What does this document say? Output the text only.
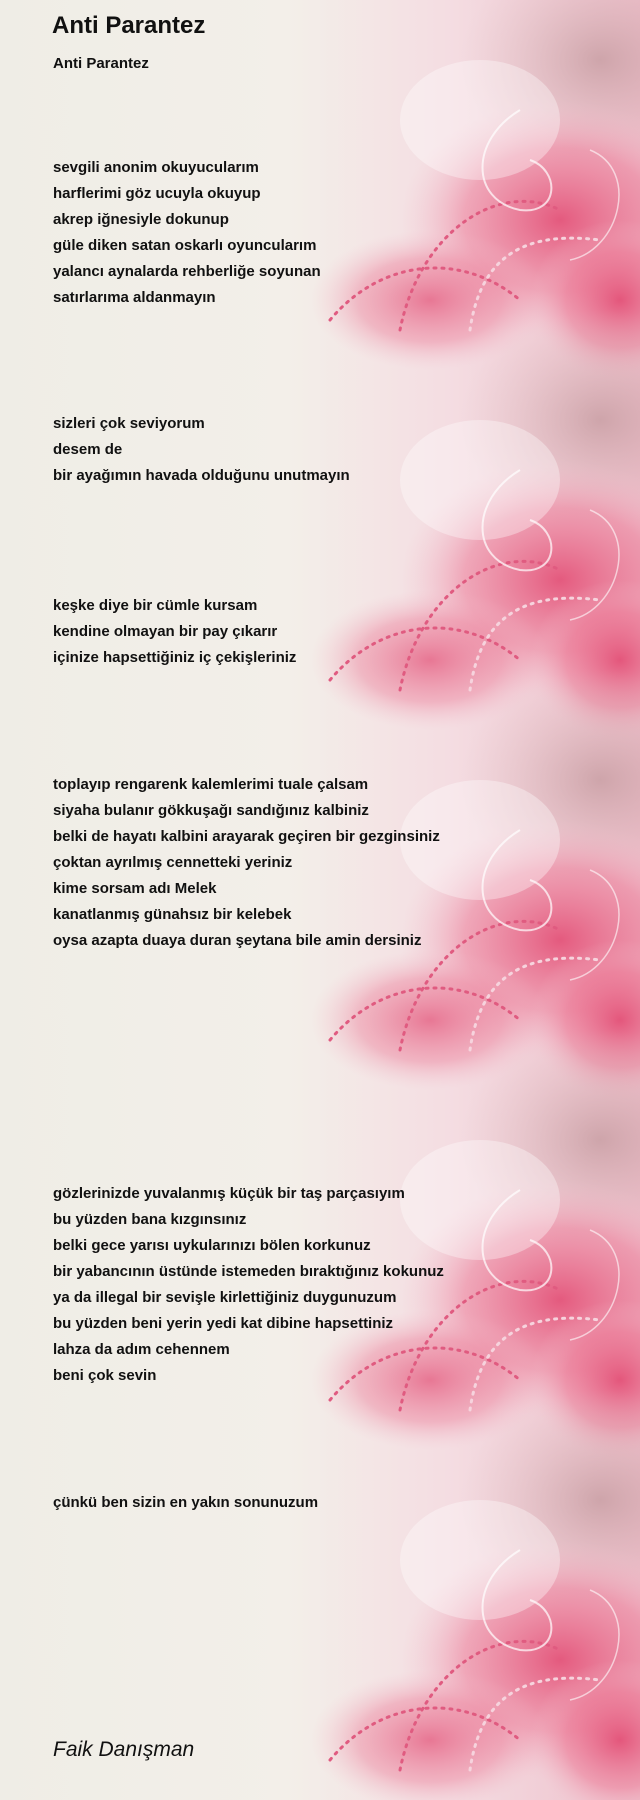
Anti Parantez
Anti Parantez
sevgili anonim okuyucularım
harflerimi göz ucuyla okuyup
akrep iğnesiyle dokunup
güle diken satan oskarlı oyuncularım
yalancı aynalarda rehberliğe soyunan
satırlarıma aldanmayın
sizleri çok seviyorum
desem de
bir ayağımın havada olduğunu unutmayın
keşke diye bir cümle kursam
kendine olmayan bir pay çıkarır
içinize hapsettiğiniz iç çekişleriniz
toplayıp rengarenk kalemlerimi tuale çalsam
siyaha bulanır gökkuşağı sandığınız kalbiniz
belki de hayatı kalbini arayarak geçiren bir gezginsiniz
çoktan ayrılmış cennetteki yeriniz
kime sorsam adı Melek
kanatlanmış günahsız bir kelebek
oysa azapta duaya duran şeytana bile amin dersiniz
gözlerinizde yuvalanmış küçük bir taş parçasıyım
bu yüzden bana kızgınsınız
belki gece yarısı uykularınızı bölen korkunuz
bir yabancının üstünde istemeden bıraktığınız kokunuz
ya da illegal bir sevişle kirlettiğiniz duygunuzum
bu yüzden beni yerin yedi kat dibine hapsettiniz
lahza da adım cehennem
beni çok sevin
çünkü ben sizin en yakın sonunuzum
Faik Danışman
